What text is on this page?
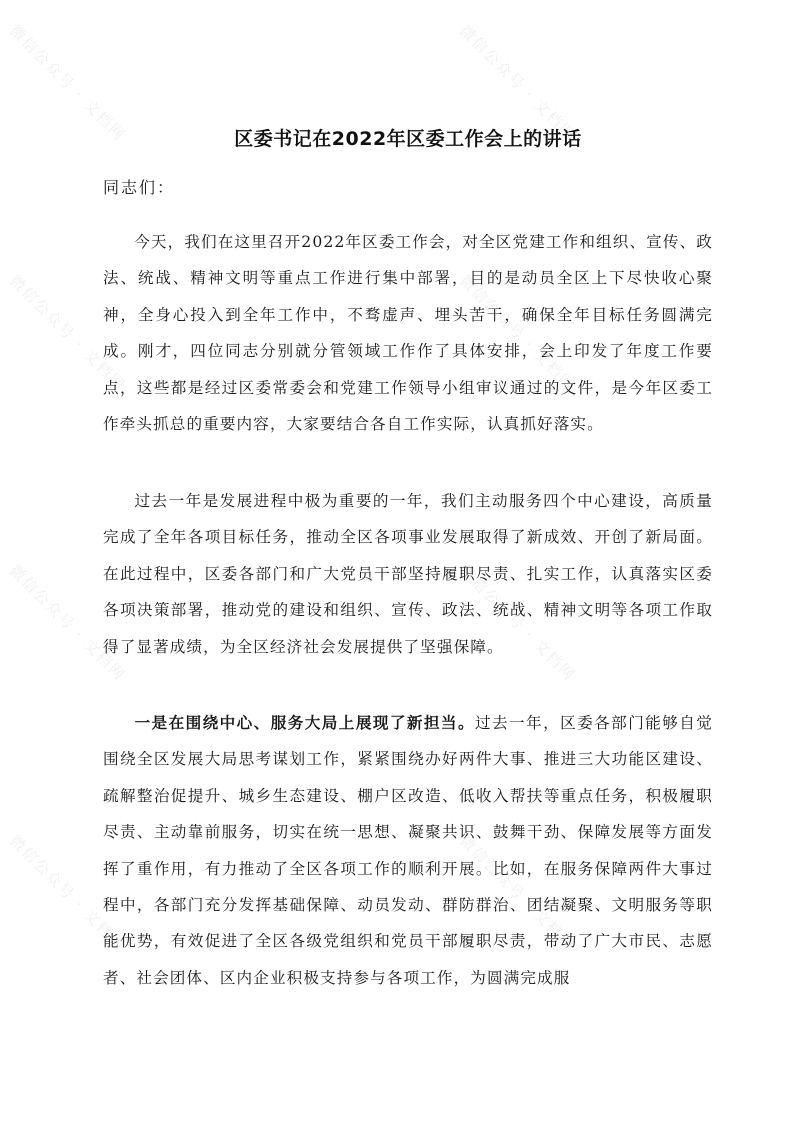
微信公众号 · 文档网	微信公众号 · 文档网
微信公众号 · 文档网	微信公众号 · 文档网
微信公众号 · 文档网	微信公众号 · 文档网
微信公众号 · 文档网	微信公众号 · 文档网
区委书记在2022年区委工作会上的讲话

同志们：

今天，我们在这里召开2022年区委工作会，对全区党建工作和组织、宣传、政法、统战、精神文明等重点工作进行集中部署，目的是动员全区上下尽快收心聚神，全身心投入到全年工作中，不骛虚声、埋头苦干，确保全年目标任务圆满完成。刚才，四位同志分别就分管领域工作作了具体安排，会上印发了年度工作要点，这些都是经过区委常委会和党建工作领导小组审议通过的文件，是今年区委工作牵头抓总的重要内容，大家要结合各自工作实际，认真抓好落实。

过去一年是发展进程中极为重要的一年，我们主动服务四个中心建设，高质量完成了全年各项目标任务，推动全区各项事业发展取得了新成效、开创了新局面。在此过程中，区委各部门和广大党员干部坚持履职尽责、扎实工作，认真落实区委各项决策部署，推动党的建设和组织、宣传、政法、统战、精神文明等各项工作取得了显著成绩，为全区经济社会发展提供了坚强保障。

一是在围绕中心、服务大局上展现了新担当。过去一年，区委各部门能够自觉围绕全区发展大局思考谋划工作，紧紧围绕办好两件大事、推进三大功能区建设、疏解整治促提升、城乡生态建设、棚户区改造、低收入帮扶等重点任务，积极履职尽责、主动靠前服务，切实在统一思想、凝聚共识、鼓舞干劲、保障发展等方面发挥了重作用，有力推动了全区各项工作的顺利开展。比如，在服务保障两件大事过程中，各部门充分发挥基础保障、动员发动、群防群治、团结凝聚、文明服务等职能优势，有效促进了全区各级党组织和党员干部履职尽责，带动了广大市民、志愿者、社会团体、区内企业积极支持参与各项工作，为圆满完成服
